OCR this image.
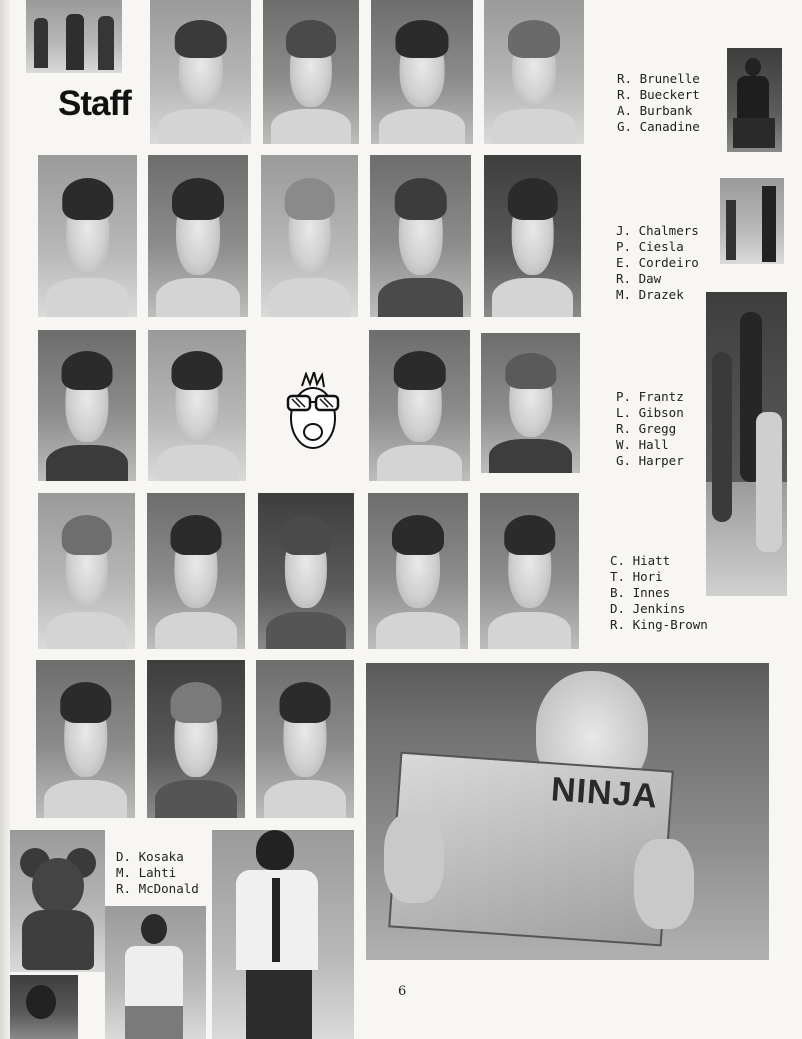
Staff
R. Brunelle
R. Bueckert
A. Burbank
G. Canadine
J. Chalmers
P. Ciesla
E. Cordeiro
R. Daw
M. Drazek
P. Frantz
L. Gibson
R. Gregg
W. Hall
G. Harper
C. Hiatt
T. Hori
B. Innes
D. Jenkins
R. King-Brown
NINJA
D. Kosaka
M. Lahti
R. McDonald
6
